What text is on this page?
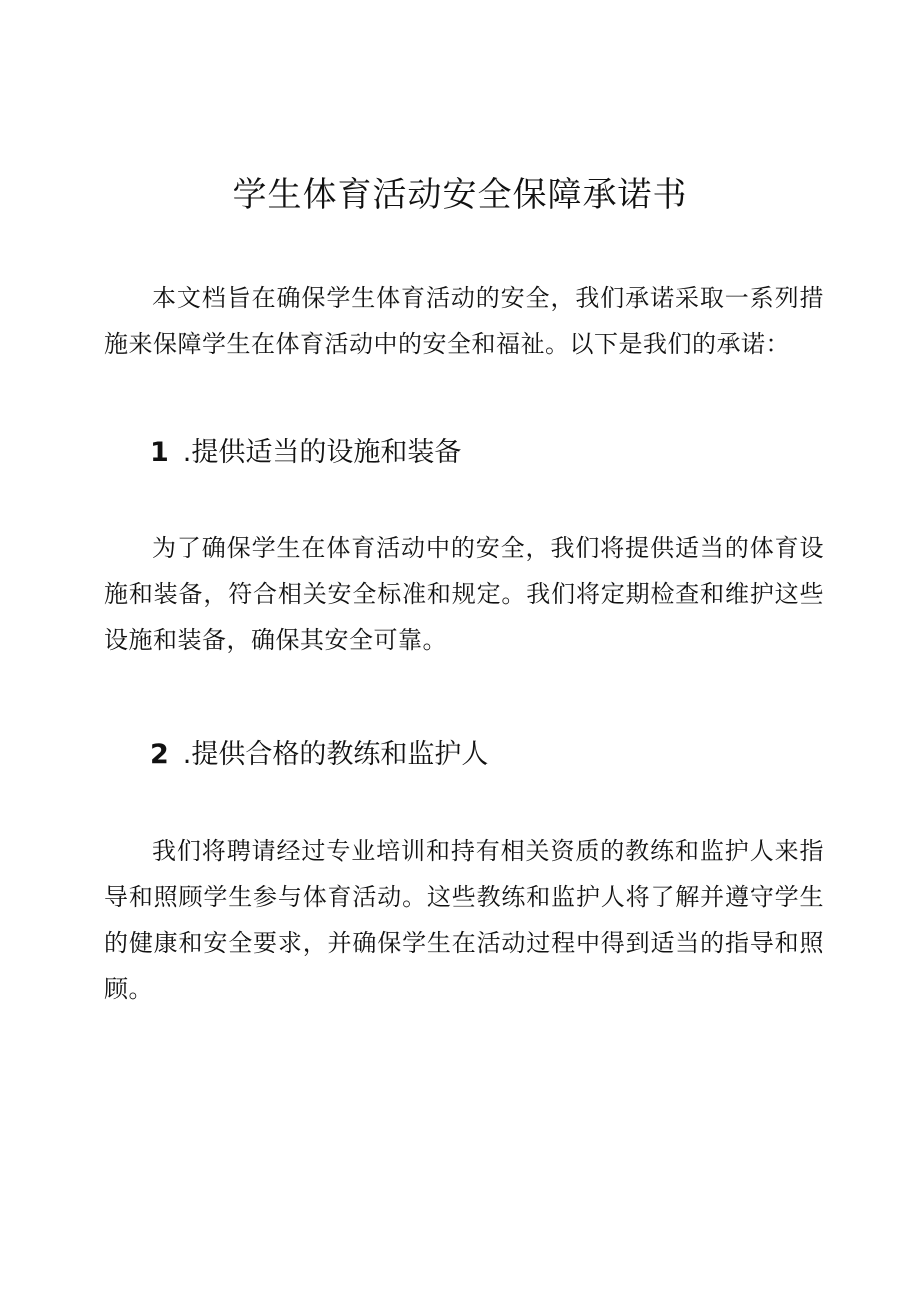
学生体育活动安全保障承诺书

本文档旨在确保学生体育活动的安全，我们承诺采取一系列措施来保障学生在体育活动中的安全和福祉。以下是我们的承诺：

1 .提供适当的设施和装备

为了确保学生在体育活动中的安全，我们将提供适当的体育设施和装备，符合相关安全标准和规定。我们将定期检查和维护这些设施和装备，确保其安全可靠。

2 .提供合格的教练和监护人

我们将聘请经过专业培训和持有相关资质的教练和监护人来指导和照顾学生参与体育活动。这些教练和监护人将了解并遵守学生的健康和安全要求，并确保学生在活动过程中得到适当的指导和照顾。
